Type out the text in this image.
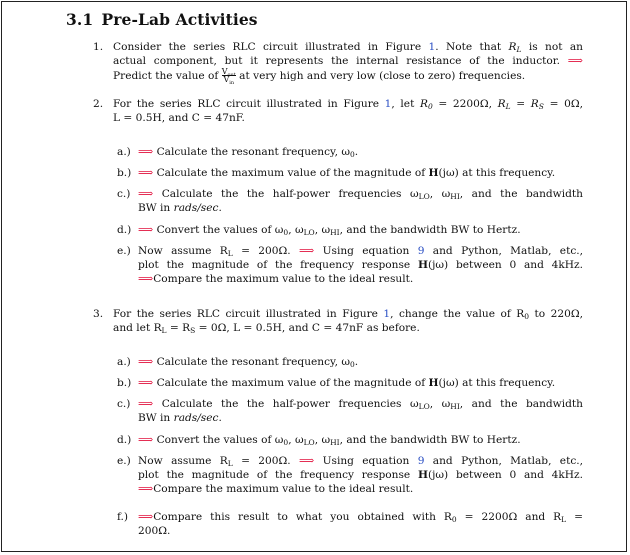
3.1 Pre-Lab Activities
1. Consider the series RLC circuit illustrated in Figure 1. Note that $R_L$ is not an

actual component, but it represents the internal resistance of the inductor. ⟹

Predict the value of $\frac{V_{out}}{V_{in}}$ at very high and very low (close to zero) frequencies.

2. For the series RLC circuit illustrated in Figure 1, let $R_0 = 2200\Omega$, $R_L = R_S = 0\Omega$,

L = 0.5H, and C = 47nF.

a.) ⟹ Calculate the resonant frequency, $\omega_0$.

b.) ⟹ Calculate the maximum value of the magnitude of H(jω) at this frequency.

c.) ⟹ Calculate the the half-power frequencies $\omega_{LO}$, $\omega_{HI}$, and the bandwidth

BW in rads/sec.

d.) ⟹ Convert the values of $\omega_0$, $\omega_{LO}$, $\omega_{HI}$, and the bandwidth BW to Hertz.

e.) Now assume $R_L = 200\Omega$. ⟹ Using equation 9 and Python, Matlab, etc.,

plot the magnitude of the frequency response H(jω) between 0 and 4kHz.

⟹Compare the maximum value to the ideal result.

3. For the series RLC circuit illustrated in Figure 1, change the value of $R_0$ to 220Ω,

and let $R_L = R_S = 0\Omega$, L = 0.5H, and C = 47nF as before.

a.) ⟹ Calculate the resonant frequency, $\omega_0$.

b.) ⟹ Calculate the maximum value of the magnitude of H(jω) at this frequency.

c.) ⟹ Calculate the the half-power frequencies $\omega_{LO}$, $\omega_{HI}$, and the bandwidth

BW in rads/sec.

d.) ⟹ Convert the values of $\omega_0$, $\omega_{LO}$, $\omega_{HI}$, and the bandwidth BW to Hertz.

e.) Now assume $R_L = 200\Omega$. ⟹ Using equation 9 and Python, Matlab, etc.,

plot the magnitude of the frequency response H(jω) between 0 and 4kHz.

⟹Compare the maximum value to the ideal result.

f.) ⟹Compare this result to what you obtained with $R_0 = 2200\Omega$ and $R_L$ =

200Ω.
